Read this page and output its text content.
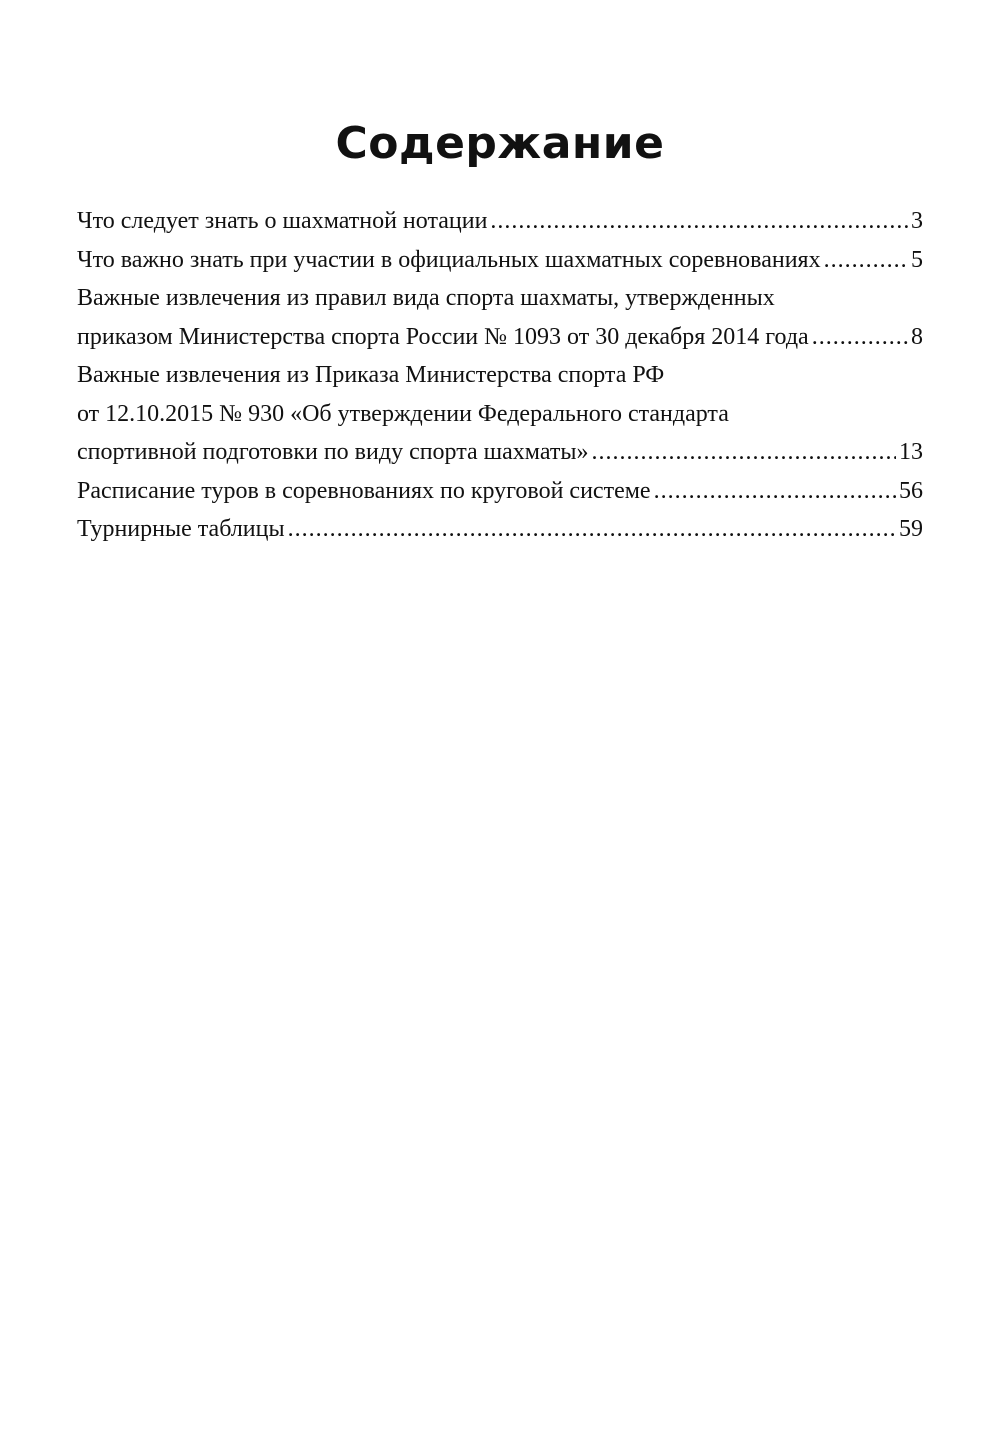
Содержание
Что следует знать о шахматной нотации .....	3
Что важно знать при участии в официальных шахматных соревнованиях .....	5
Важные извлечения из правил вида спорта шахматы, утвержденных
приказом Министерства спорта России № 1093 от 30 декабря 2014 года .....	8
Важные извлечения из Приказа Министерства спорта РФ
от 12.10.2015 № 930 «Об утверждении Федерального стандарта
спортивной подготовки по виду спорта шахматы» .....	13
Расписание туров в соревнованиях по круговой системе .....	56
Турнирные таблицы .....	59
